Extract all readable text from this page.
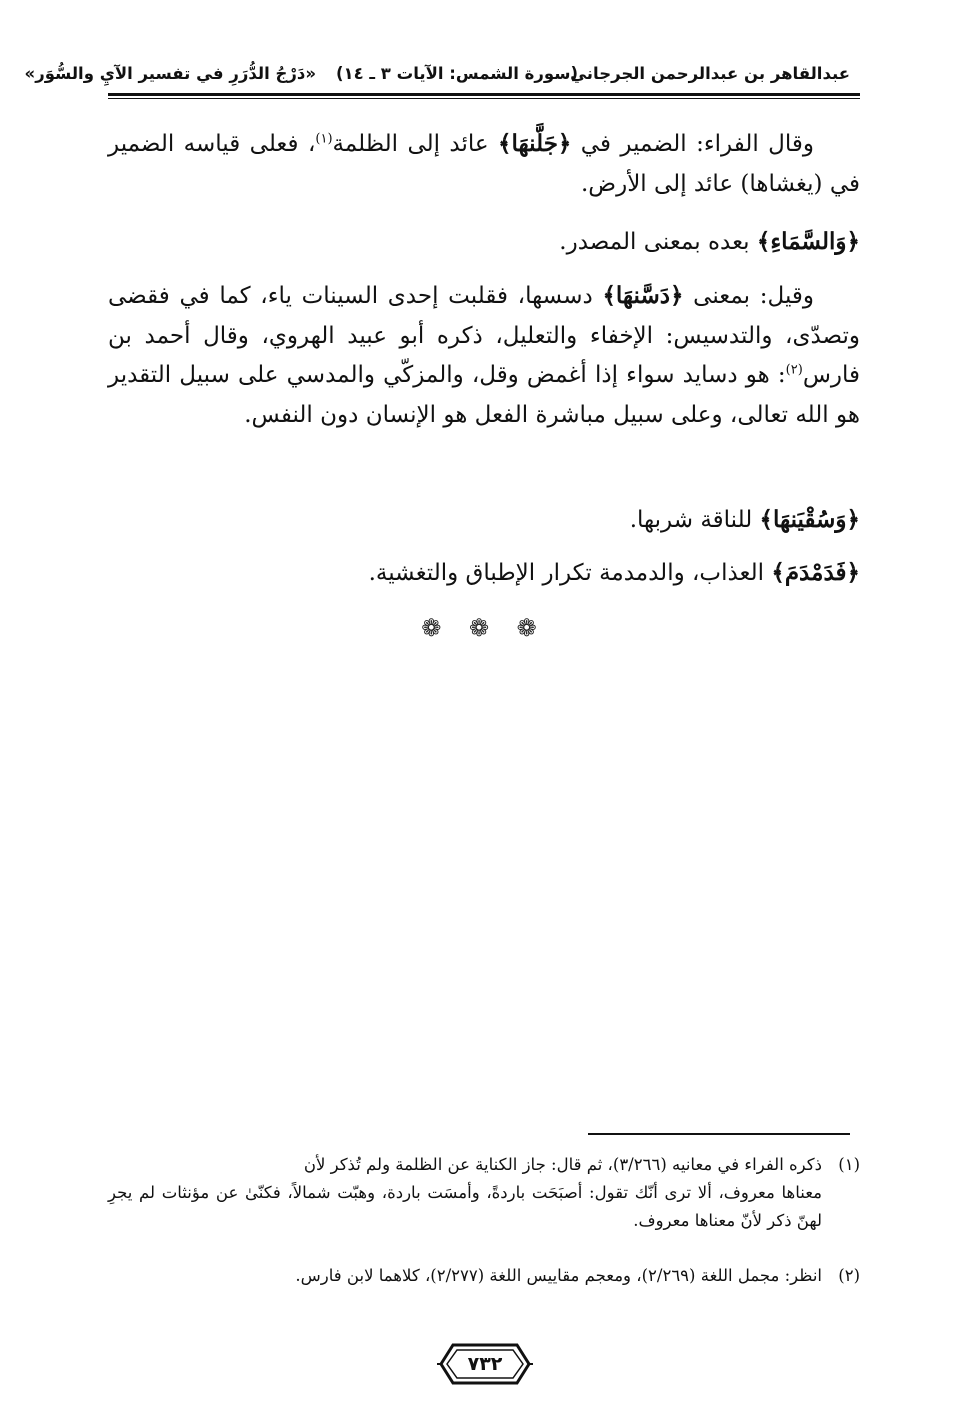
عبدالقاهر بن عبدالرحمن الجرجاني
(سورة الشمس: الآيات ٣ ـ ١٤)
«دَرْجُ الدُّرَرِ في تفسير الآيِ والسُّوَر»
وقال الفراء: الضمير في ﴿جَلَّنهَا﴾ عائد إلى الظلمة$^{(١)}$، فعلى قياسه الضمير في (يغشاها) عائد إلى الأرض.
﴿وَالسَّمَاءِ﴾ بعده بمعنى المصدر.
وقيل: بمعنى ﴿دَسَّنهَا﴾ دسسها، فقلبت إحدى السينات ياء، كما في فقضى وتصدّى، والتدسيس: الإخفاء والتعليل، ذكره أبو عبيد الهروي، وقال أحمد بن فارس$^{(٢)}$: هو دسايد سواء إذا أغمض وقل، والمزكّي والمدسي على سبيل التقدير هو الله تعالى، وعلى سبيل مباشرة الفعل هو الإنسان دون النفس.
﴿وَسُقْيَنهَا﴾ للناقة شربها.
﴿فَدَمْدَمَ﴾ العذاب، والدمدمة تكرار الإطباق والتغشية.
❁ ❁ ❁
(١)ذكره الفراء في معانيه (٣/٢٦٦)، ثم قال: جاز الكناية عن الظلمة ولم تُذكر لأن
معناها معروف، ألا ترى أنّك تقول: أصبَحَت باردةً، وأمسَت باردة، وهبّت شمالاً، فكنّىٰ عن مؤنثات لم يجرِ لهنّ ذكر لأنّ معناها معروف.
(٢)انظر: مجمل اللغة (٢/٢٦٩)، ومعجم مقاييس اللغة (٢/٢٧٧)، كلاهما لابن فارس.
٧٣٢
